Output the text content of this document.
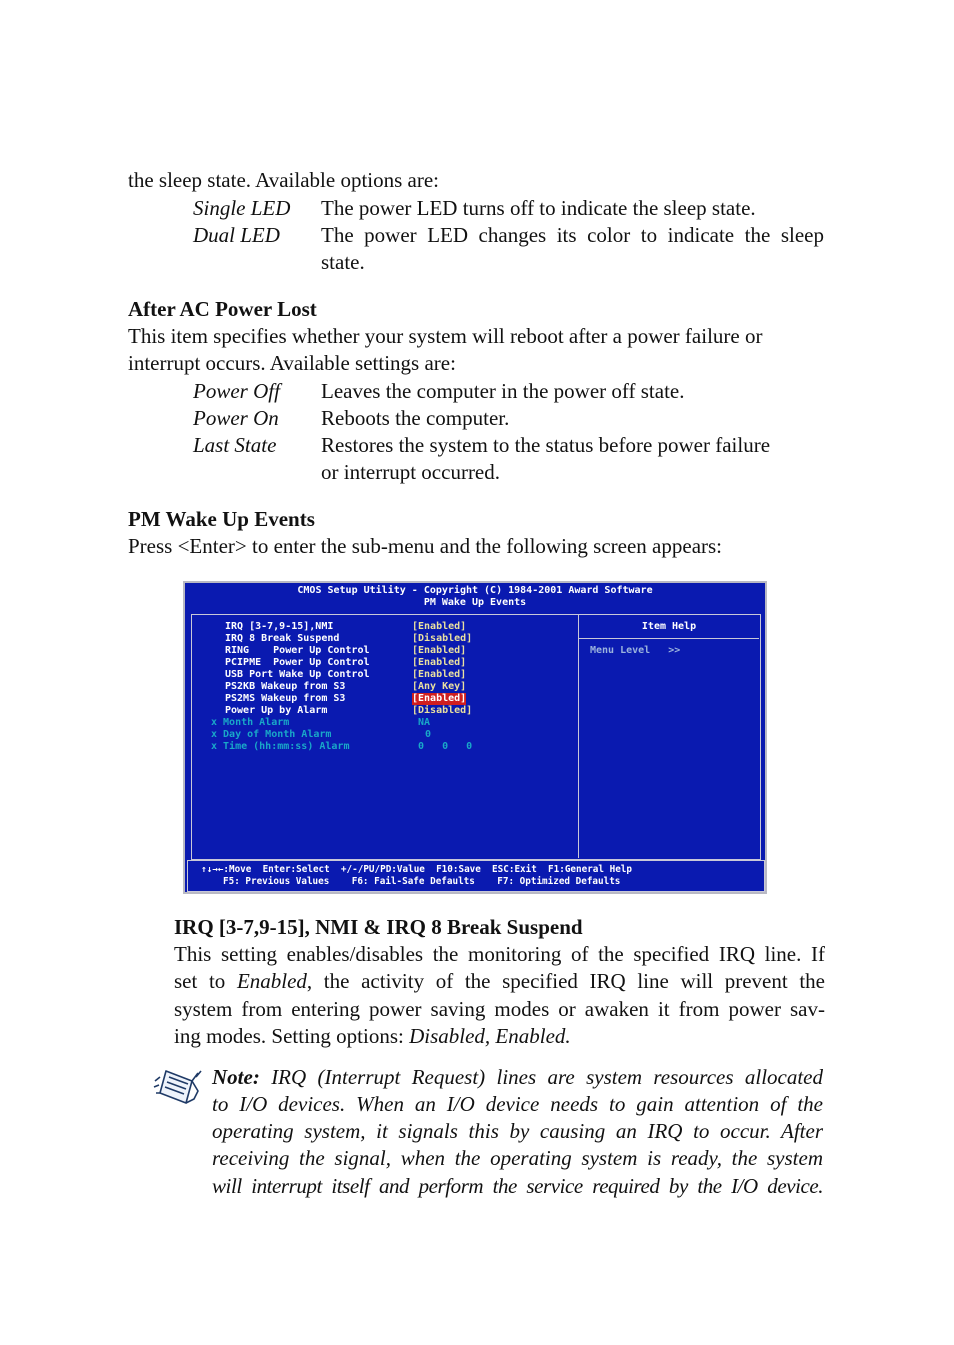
the sleep state. Available options are:
Single LED The power LED turns off to indicate the sleep state.
Dual LED The power LED changes its color to indicate the sleep
state.
After AC Power Lost
This item specifies whether your system will reboot after a power failure or
interrupt occurs. Available settings are:
Power Off Leaves the computer in the power off state.
Power On Reboots the computer.
Last State Restores the system to the status before power failure
or interrupt occurred.
PM Wake Up Events
Press <Enter> to enter the sub-menu and the following screen appears:
CMOS Setup Utility - Copyright (C) 1984-2001 Award Software
PM Wake Up Events
IRQ [3-7,9-15],NMI	[Enabled]
IRQ 8 Break Suspend	[Disabled]
RING    Power Up Control	[Enabled]
PCIPME  Power Up Control	[Enabled]
USB Port Wake Up Control	[Enabled]
PS2KB Wakeup from S3	[Any Key]
PS2MS Wakeup from S3	[Enabled]
Power Up by Alarm	[Disabled]
x Month Alarm	NA
x Day of Month Alarm	0
x Time (hh:mm:ss) Alarm	0   0   0
Item Help
Menu Level   >>
↑↓→←:Move  Enter:Select  +/-/PU/PD:Value  F10:Save  ESC:Exit  F1:General Help
F5: Previous Values    F6: Fail-Safe Defaults    F7: Optimized Defaults
IRQ [3-7,9-15], NMI & IRQ 8 Break Suspend
This setting enables/disables the monitoring of the specified IRQ line. If
set to Enabled, the activity of the specified IRQ line will prevent the
system from entering power saving modes or awaken it from power sav-
ing modes. Setting options: Disabled, Enabled.
Note: IRQ (Interrupt Request) lines are system resources allocated
to I/O devices. When an I/O device needs to gain attention of the
operating system, it signals this by causing an IRQ to occur. After
receiving the signal, when the operating system is ready, the system
will interrupt itself and perform the service required by the I/O device.
